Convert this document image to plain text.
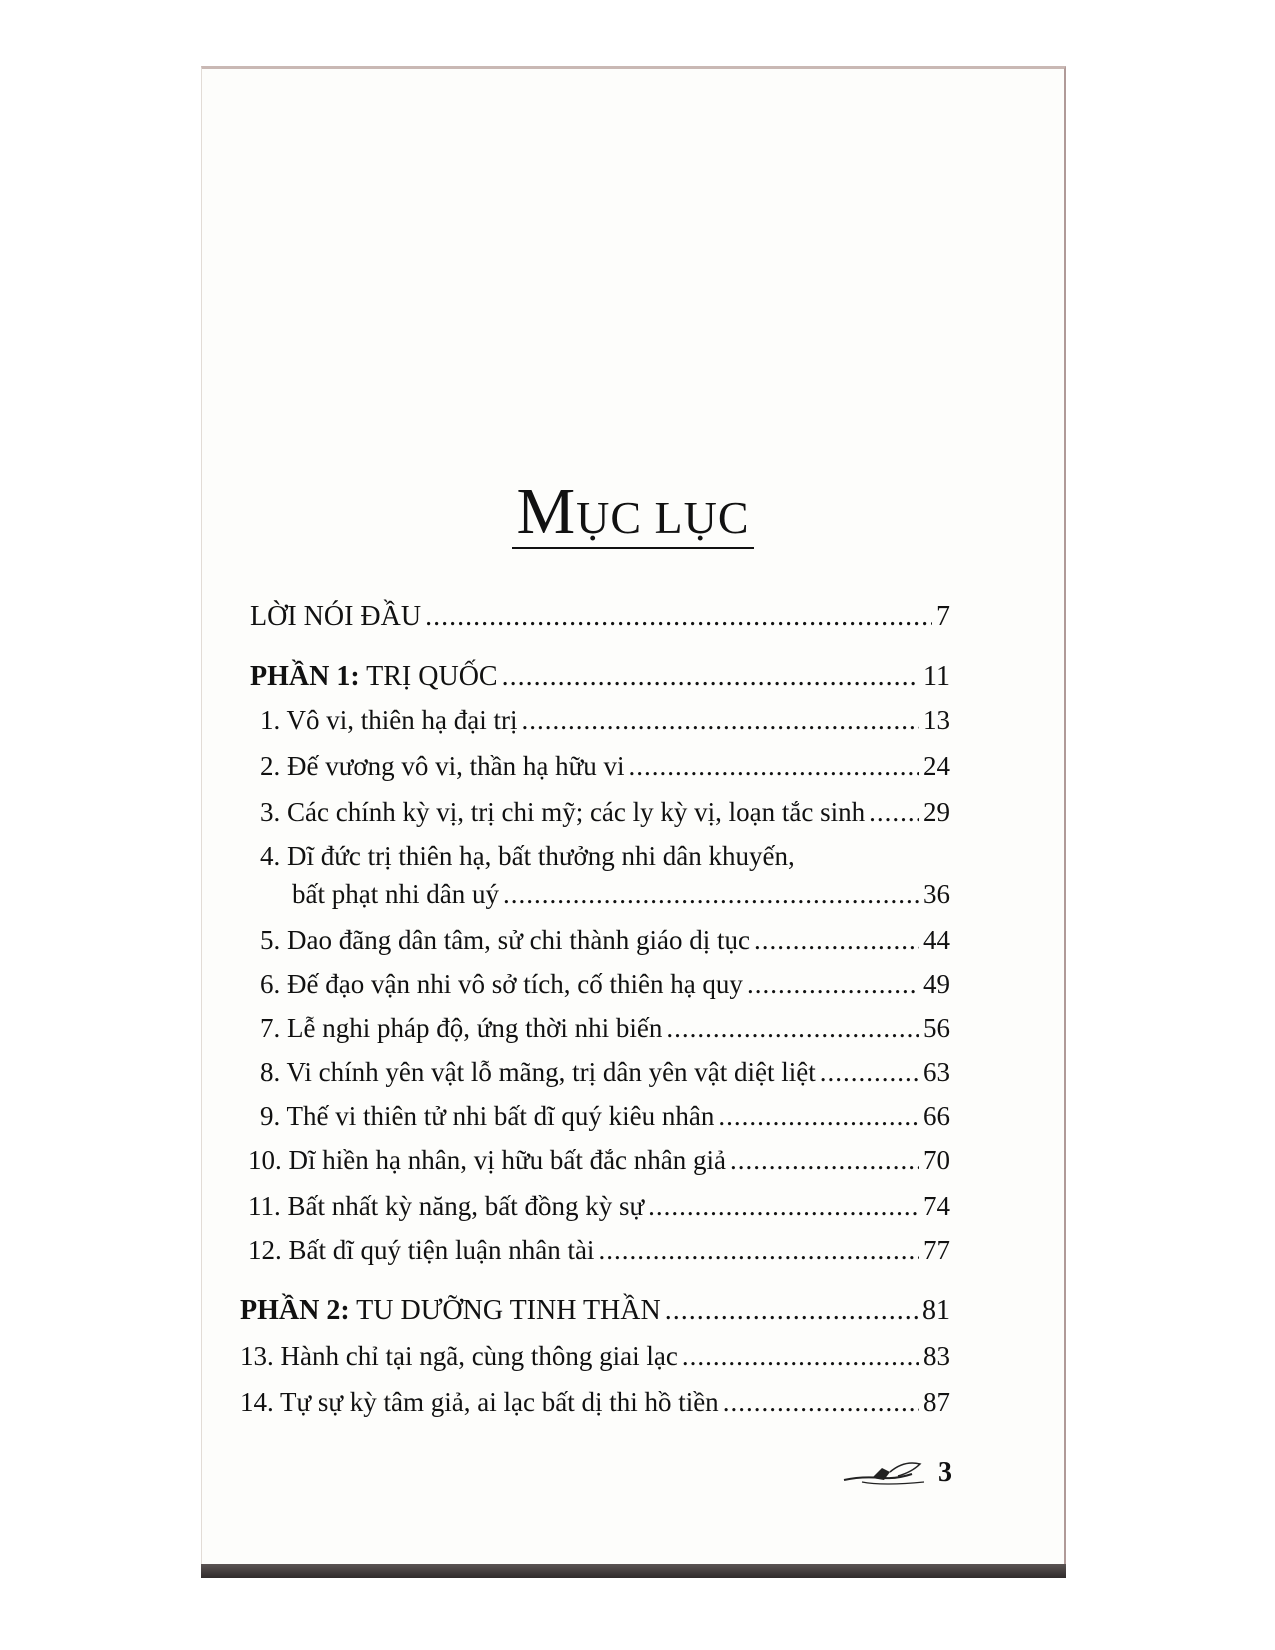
MỤC LỤC
LỜI NÓI ĐẦU .....	7
PHẦN 1: TRỊ QUỐC .....	11
1. Vô vi, thiên hạ đại trị .....	13
2. Đế vương vô vi, thần hạ hữu vi .....	24
3. Các chính kỳ vị, trị chi mỹ; các ly kỳ vị, loạn tắc sinh ..... 29
4. Dĩ đức trị thiên hạ, bất thưởng nhi dân khuyến,
bất phạt nhi dân uý .....	36
5. Dao đãng dân tâm, sử chi thành giáo dị tục .....	44
6. Đế đạo vận nhi vô sở tích, cố thiên hạ quy .....	49
7. Lễ nghi pháp độ, ứng thời nhi biến .....	56
8. Vi chính yên vật lỗ mãng, trị dân yên vật diệt liệt .....	63
9. Thế vi thiên tử nhi bất dĩ quý kiêu nhân .....	66
10. Dĩ hiền hạ nhân, vị hữu bất đắc nhân giả .....	70
11. Bất nhất kỳ năng, bất đồng kỳ sự .....	74
12. Bất dĩ quý tiện luận nhân tài .....	77
PHẦN 2: TU DƯỠNG TINH THẦN .....	81
13. Hành chỉ tại ngã, cùng thông giai lạc .....	83
14. Tự sự kỳ tâm giả, ai lạc bất dị thi hồ tiền .....	87
3
